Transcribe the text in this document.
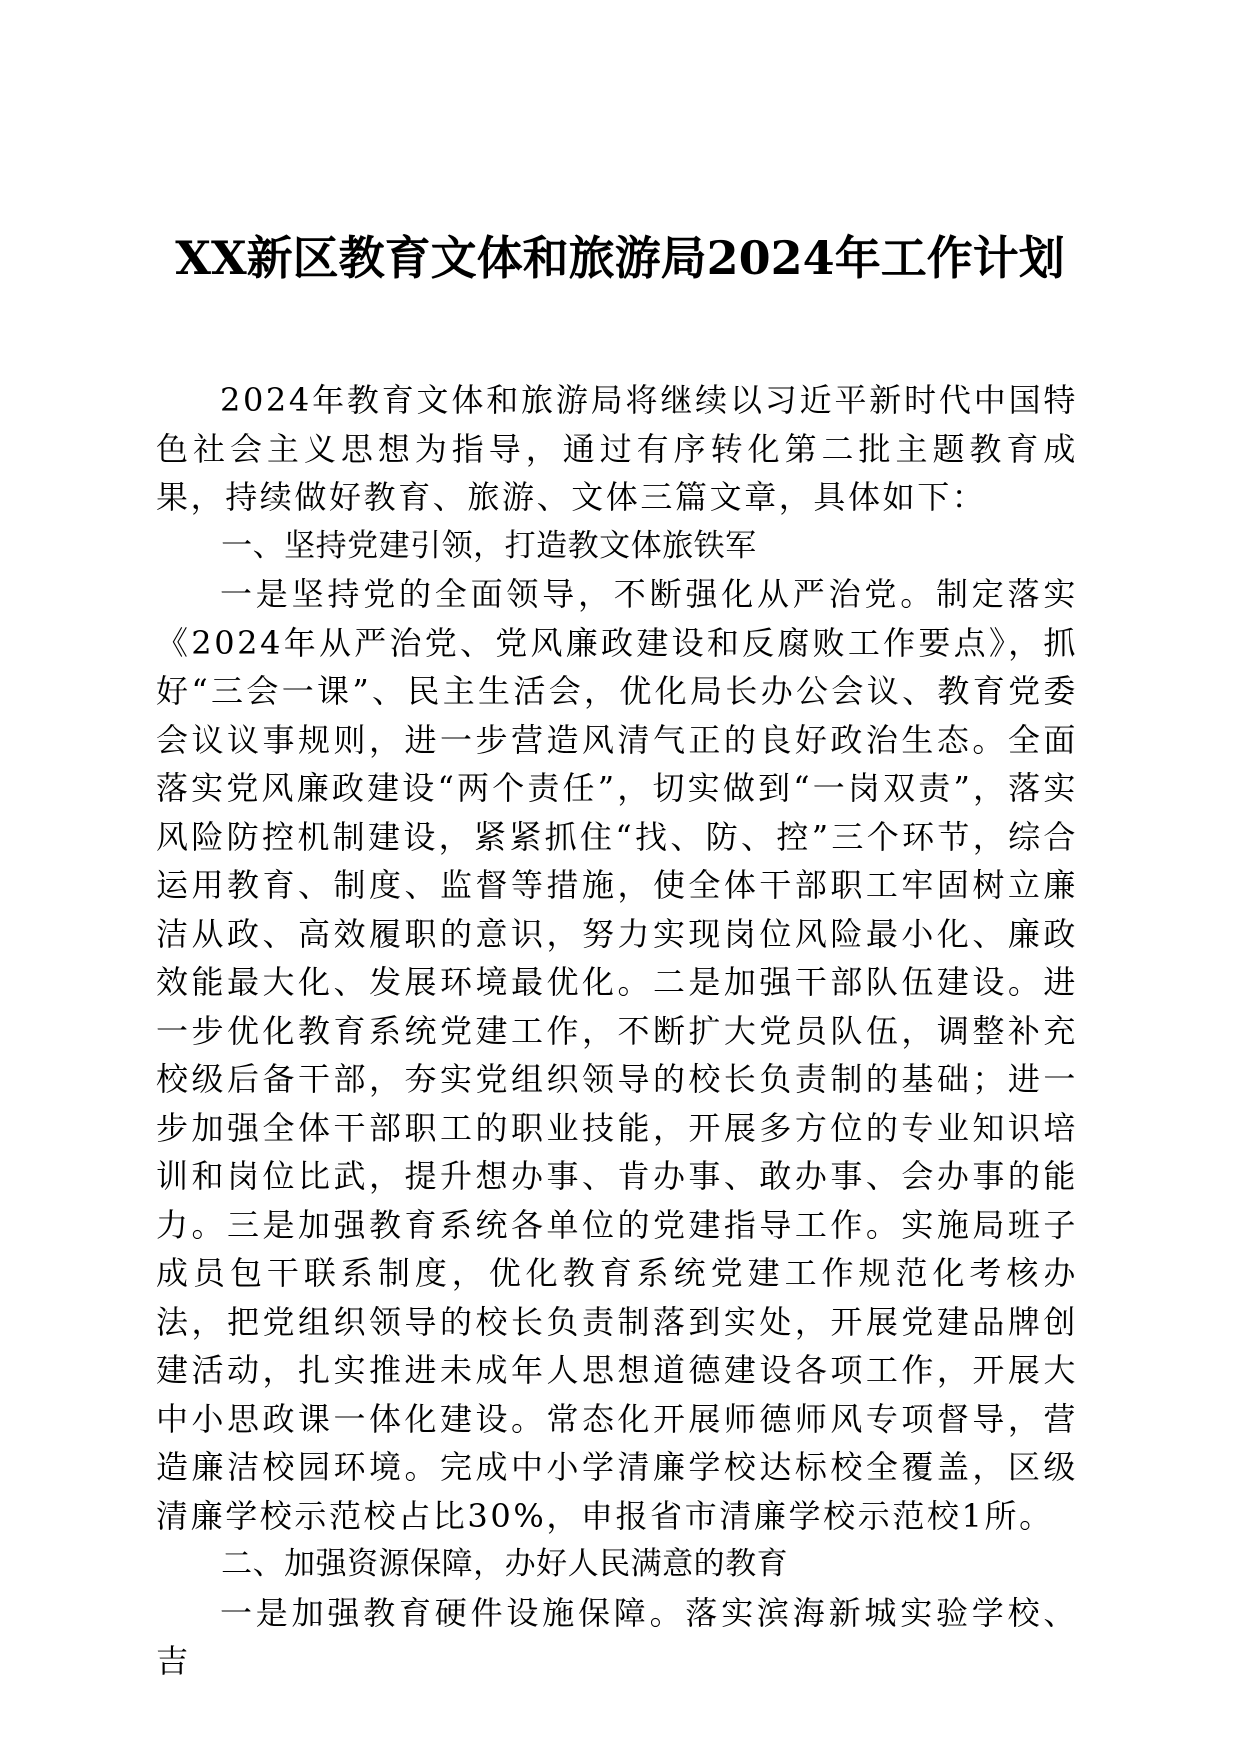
XX新区教育文体和旅游局2024年工作计划

2024年教育文体和旅游局将继续以习近平新时代中国特色社会主义思想为指导，通过有序转化第二批主题教育成果，持续做好教育、旅游、文体三篇文章，具体如下：

一、坚持党建引领，打造教文体旅铁军

一是坚持党的全面领导，不断强化从严治党。制定落实《2024年从严治党、党风廉政建设和反腐败工作要点》，抓好“三会一课”、民主生活会，优化局长办公会议、教育党委会议议事规则，进一步营造风清气正的良好政治生态。全面落实党风廉政建设“两个责任”，切实做到“一岗双责”，落实风险防控机制建设，紧紧抓住“找、防、控”三个环节，综合运用教育、制度、监督等措施，使全体干部职工牢固树立廉洁从政、高效履职的意识，努力实现岗位风险最小化、廉政效能最大化、发展环境最优化。二是加强干部队伍建设。进一步优化教育系统党建工作，不断扩大党员队伍，调整补充校级后备干部，夯实党组织领导的校长负责制的基础；进一步加强全体干部职工的职业技能，开展多方位的专业知识培训和岗位比武，提升想办事、肯办事、敢办事、会办事的能力。三是加强教育系统各单位的党建指导工作。实施局班子成员包干联系制度，优化教育系统党建工作规范化考核办法，把党组织领导的校长负责制落到实处，开展党建品牌创建活动，扎实推进未成年人思想道德建设各项工作，开展大中小思政课一体化建设。常态化开展师德师风专项督导，营造廉洁校园环境。完成中小学清廉学校达标校全覆盖，区级清廉学校示范校占比30%，申报省市清廉学校示范校1所。

二、加强资源保障，办好人民满意的教育

一是加强教育硬件设施保障。落实滨海新城实验学校、吉
